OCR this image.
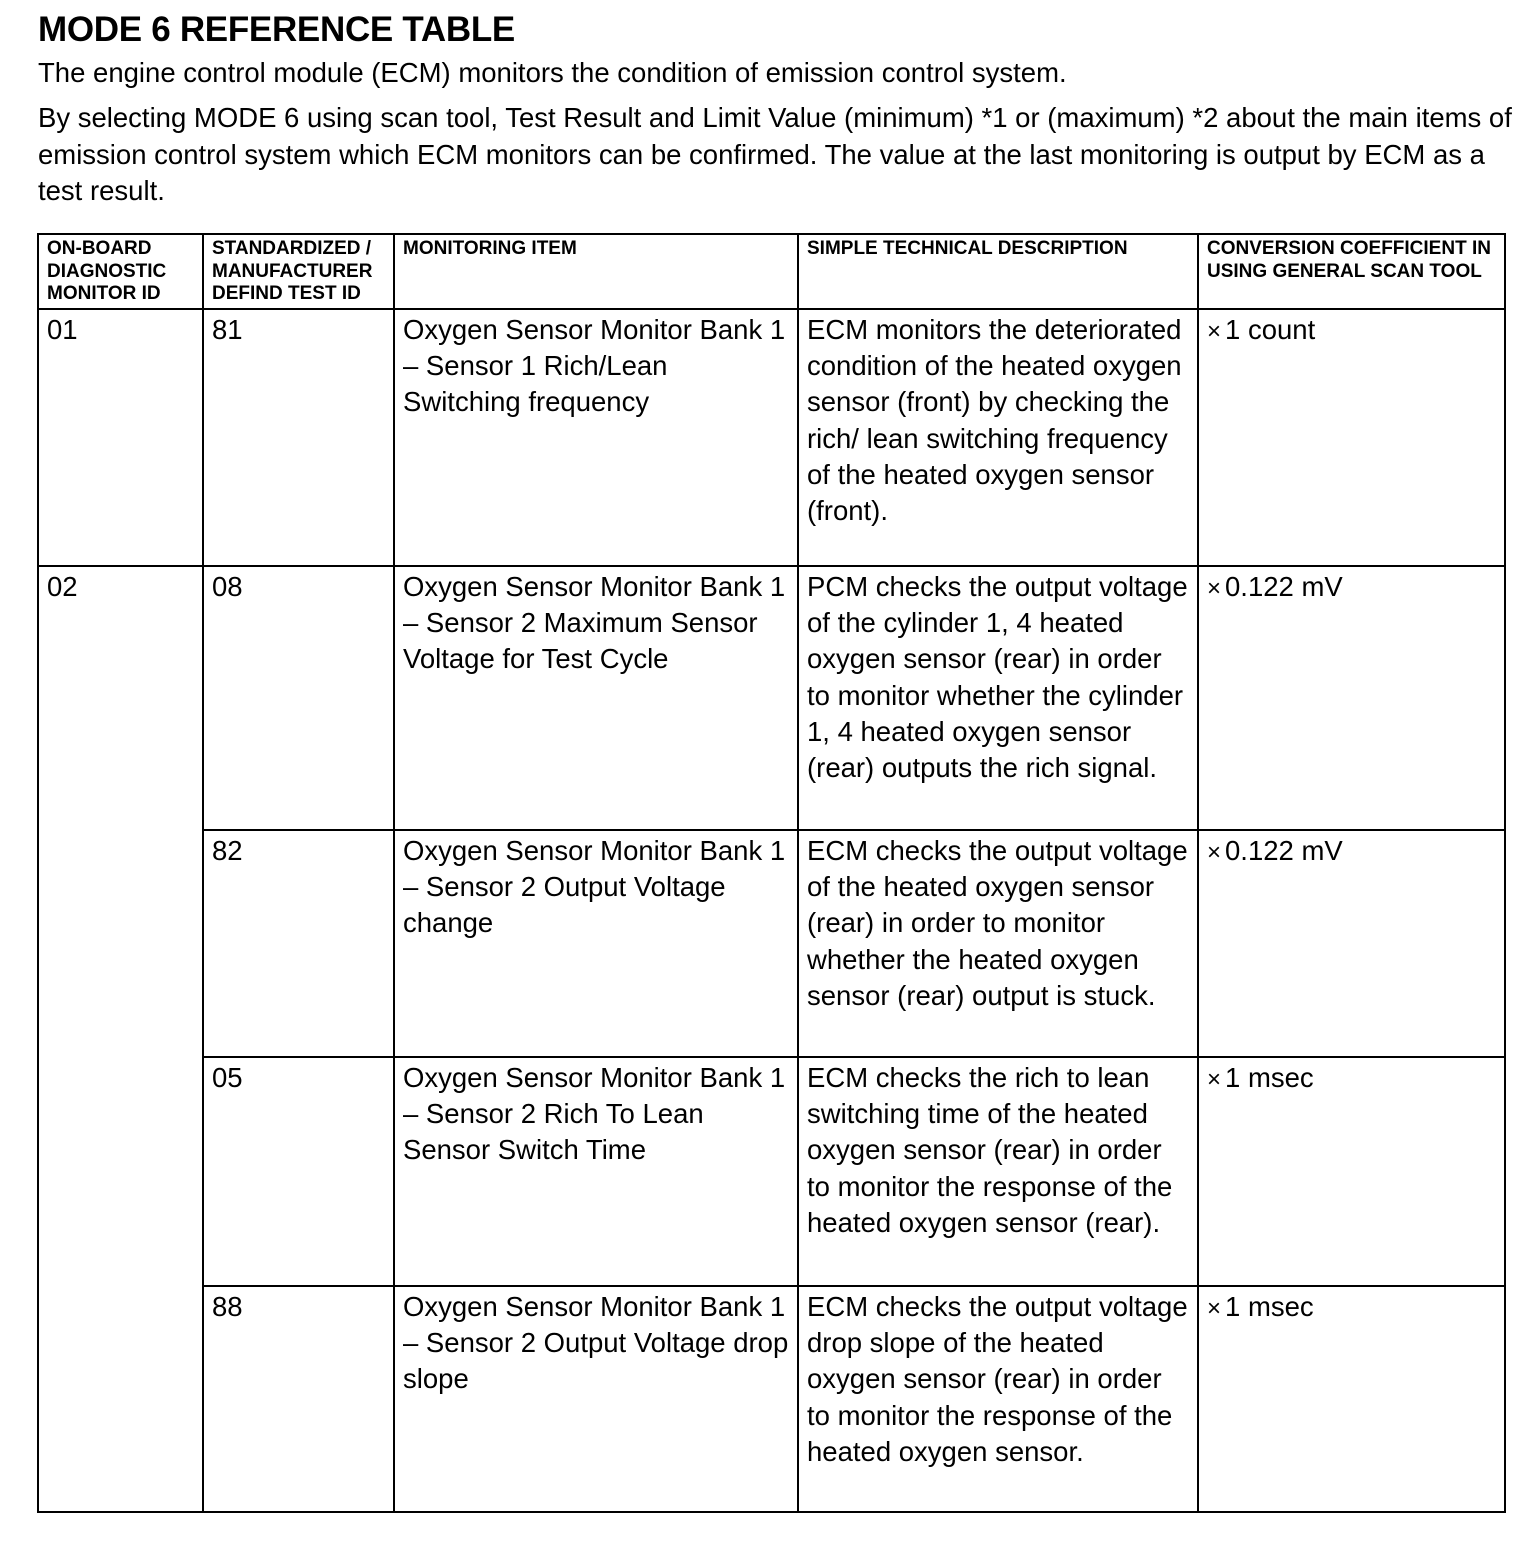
MODE 6 REFERENCE TABLE

The engine control module (ECM) monitors the condition of emission control system.

By selecting MODE 6 using scan tool, Test Result and Limit Value (minimum) *1 or (maximum) *2 about the main items of emission control system which ECM monitors can be confirmed. The value at the last monitoring is output by ECM as a test result.

ON-BOARD DIAGNOSTIC MONITOR ID	STANDARDIZED / MANUFACTURER DEFIND TEST ID	MONITORING ITEM	SIMPLE TECHNICAL DESCRIPTION	CONVERSION COEFFICIENT IN USING GENERAL SCAN TOOL
01	81	Oxygen Sensor Monitor Bank 1 – Sensor 1 Rich/Lean Switching frequency	ECM monitors the deteriorated condition of the heated oxygen sensor (front) by checking the rich/ lean switching frequency of the heated oxygen sensor (front).	× 1 count
02	08	Oxygen Sensor Monitor Bank 1 – Sensor 2 Maximum Sensor Voltage for Test Cycle	PCM checks the output voltage of the cylinder 1, 4 heated oxygen sensor (rear) in order to monitor whether the cylinder 1, 4 heated oxygen sensor (rear) outputs the rich signal.	× 0.122 mV
	82	Oxygen Sensor Monitor Bank 1 – Sensor 2 Output Voltage change	ECM checks the output voltage of the heated oxygen sensor (rear) in order to monitor whether the heated oxygen sensor (rear) output is stuck.	× 0.122 mV
	05	Oxygen Sensor Monitor Bank 1 – Sensor 2 Rich To Lean Sensor Switch Time	ECM checks the rich to lean switching time of the heated oxygen sensor (rear) in order to monitor the response of the heated oxygen sensor (rear).	× 1 msec
	88	Oxygen Sensor Monitor Bank 1 – Sensor 2 Output Voltage drop slope	ECM checks the output voltage drop slope of the heated oxygen sensor (rear) in order to monitor the response of the heated oxygen sensor.	× 1 msec
